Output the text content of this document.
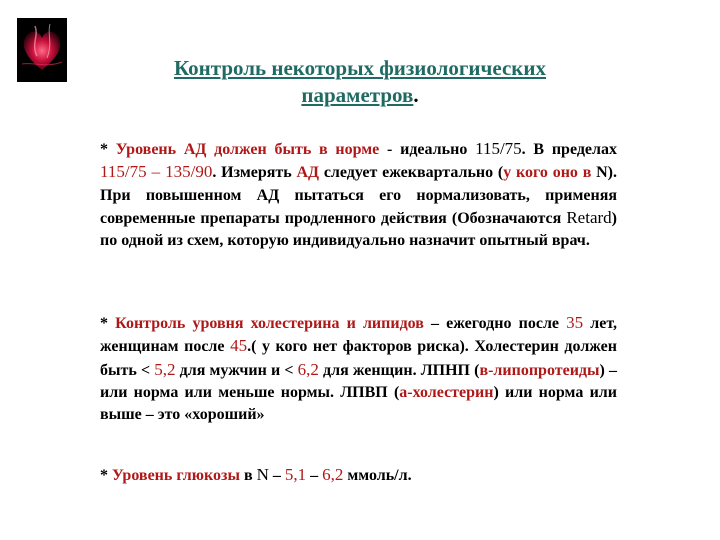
Контроль некоторых физиологических
параметров.

* Уровень АД должен быть в норме - идеально 115/75. В пределах 115/75 – 135/90. Измерять АД следует ежеквартально (у кого оно в N). При повышенном АД пытаться его нормализовать, применяя современные препараты продленного действия (Обозначаются Retard) по одной из схем, которую индивидуально назначит опытный врач.

* Контроль уровня холестерина и липидов – ежегодно после 35 лет, женщинам после 45.( у кого нет факторов риска). Холестерин должен быть < 5,2 для мужчин и < 6,2 для женщин. ЛПНП (в-липопротеиды) – или норма или меньше нормы. ЛПВП (а-холестерин) или норма или выше – это «хороший»

* Уровень глюкозы в N – 5,1 – 6,2 ммоль/л.
